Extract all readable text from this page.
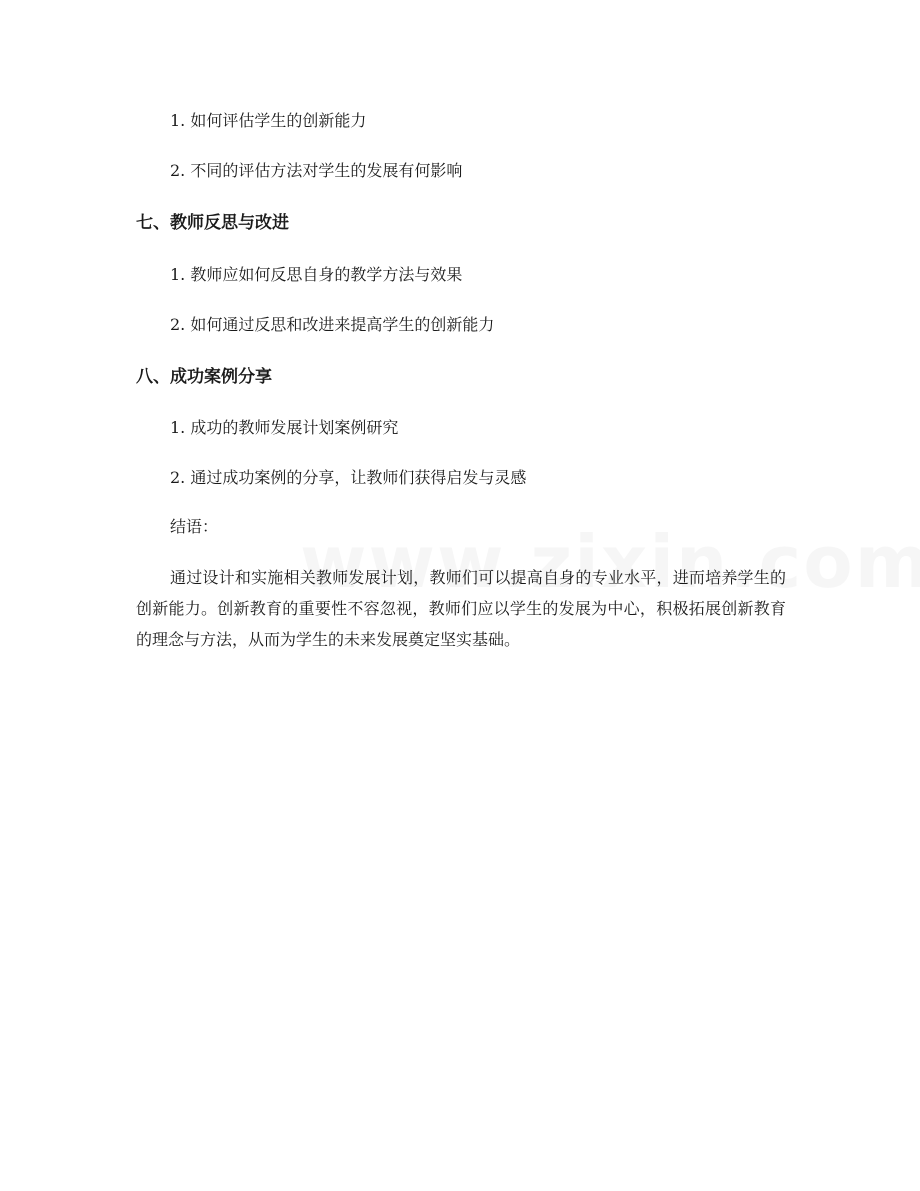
1. 如何评估学生的创新能力
2. 不同的评估方法对学生的发展有何影响
七、教师反思与改进
1. 教师应如何反思自身的教学方法与效果
2. 如何通过反思和改进来提高学生的创新能力
八、成功案例分享
1. 成功的教师发展计划案例研究
2. 通过成功案例的分享，让教师们获得启发与灵感
结语：
通过设计和实施相关教师发展计划，教师们可以提高自身的专业水平，进而培养学生的创新能力。创新教育的重要性不容忽视，教师们应以学生的发展为中心，积极拓展创新教育的理念与方法，从而为学生的未来发展奠定坚实基础。
